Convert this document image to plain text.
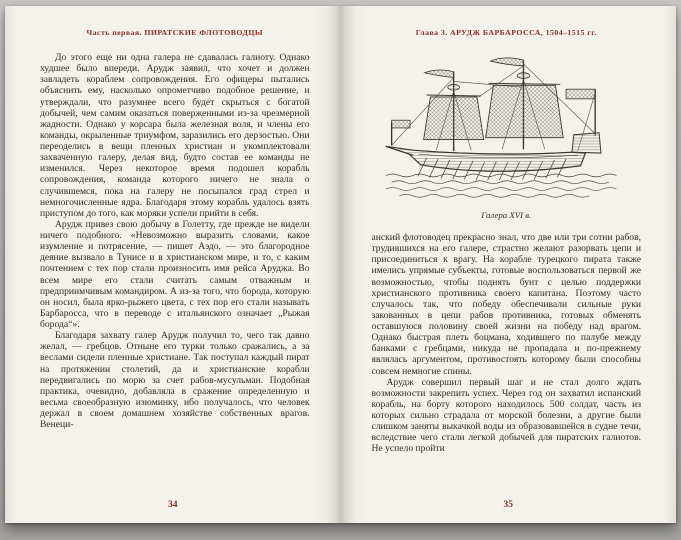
Часть первая. ПИРАТСКИЕ ФЛОТОВОДЦЫ

До этого еще ни одна галера не сдавалась галиоту. Однако худшее было впереди. Арудж заявил, что хочет и должен завладеть кораблем сопровождения. Его офицеры пытались объяснить ему, насколько опрометчиво подобное решение, и утверждали, что разумнее всего будет скрыться с богатой добычей, чем самим оказаться поверженными из-за чрезмерной жадности. Однако у корсара была железная воля, и члены его команды, окрыленные триумфом, заразились его дерзостью. Они переоделись в вещи пленных христиан и укомплектовали захваченную галеру, делая вид, будто состав ее команды не изменился. Через некоторое время подошел корабль сопровождения, команда которого ничего не знала о случившемся, пока на галеру не посыпался град стрел и немногочисленные ядра. Благодаря этому корабль удалось взять приступом до того, как моряки успели прийти в себя.

Арудж привез свою добычу в Голетту, где прежде не видели ничего подобного. «Невозможно выразить словами, какое изумление и потрясение, — пишет Аэдо, — это благородное деяние вызвало в Тунисе и в христианском мире, и то, с каким почтением с тех пор стали произносить имя рейса Аруджа. Во всем мире его стали считать самым отважным и предприимчивым командиром. А из-за того, что борода, которую он носил, была ярко-рыжего цвета, с тех пор его стали называть Барбаросса, что в переводе с итальянского означает „Рыжая борода“».

Благодаря захвату галер Арудж получил то, чего так давно желал, — гребцов. Отныне его турки только сражались, а за веслами сидели пленные христиане. Так поступал каждый пират на протяжении столетий, да и христианские корабли передвигались по морю за счет рабов-мусульман. Подобная практика, очевидно, добавляла в сражение определенную и весьма своеобразную изюминку, ибо получалось, что человек держал в своем домашнем хозяйстве собственных врагов. Венеци-

34
Глава 3. АРУДЖ БАРБАРОССА, 1504–1515 гг.
Галера XVI в.

анский флотоводец прекрасно знал, что две или три сотни рабов, трудившихся на его галере, страстно желают разорвать цепи и присоединиться к врагу. На корабле турецкого пирата также имелись упрямые субъекты, готовые воспользоваться первой же возможностью, чтобы поднять бунт с целью поддержки христианского противника своего капитана. Поэтому часто случалось так, что победу обеспечивали сильные руки закованных в цепи рабов противника, готовых обменять оставшуюся половину своей жизни на победу над врагом. Однако быстрая плеть боцмана, ходившего по палубе между банками с гребцами, никуда не пропадала и по-прежнему являлась аргументом, противостоять которому были способны совсем немногие спины.

Арудж совершил первый шаг и не стал долго ждать возможности закрепить успех. Через год он захватил испанский корабль, на борту которого находилось 500 солдат, часть из которых сильно страдала от морской болезни, а другие были слишком заняты выкачкой воды из образовавшейся в судне течи, вследствие чего стали легкой добычей для пиратских галиотов. Не успело пройти

35
